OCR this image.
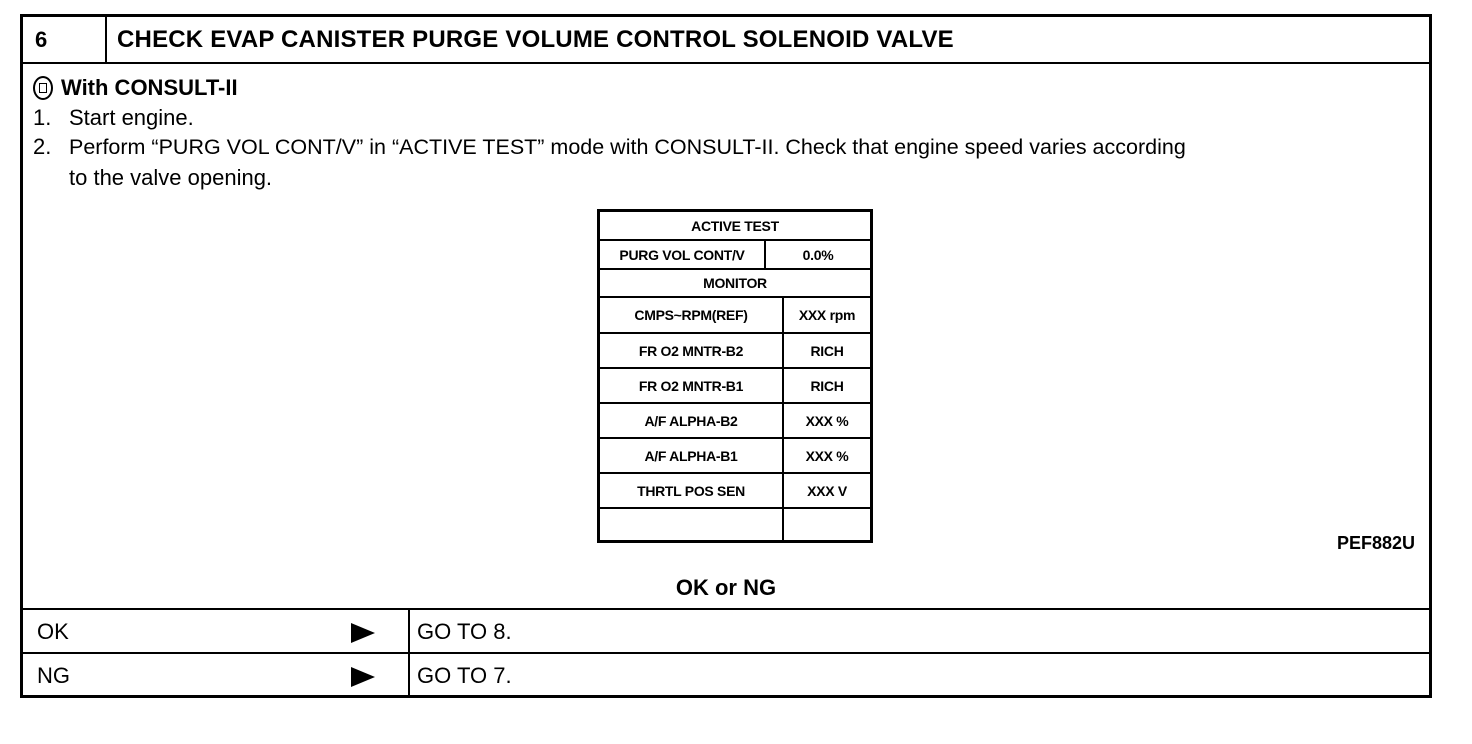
6	CHECK EVAP CANISTER PURGE VOLUME CONTROL SOLENOID VALVE
With CONSULT-II
1. Start engine.
2. Perform “PURG VOL CONT/V” in “ACTIVE TEST” mode with CONSULT-II. Check that engine speed varies according
to the valve opening.
ACTIVE TEST
PURG VOL CONT/V	0.0%
MONITOR
CMPS~RPM(REF)	XXX rpm
FR O2 MNTR-B2	RICH
FR O2 MNTR-B1	RICH
A/F ALPHA-B2	XXX %
A/F ALPHA-B1	XXX %
THRTL POS SEN	XXX V
PEF882U
OK or NG
OK	GO TO 8.
NG	GO TO 7.
